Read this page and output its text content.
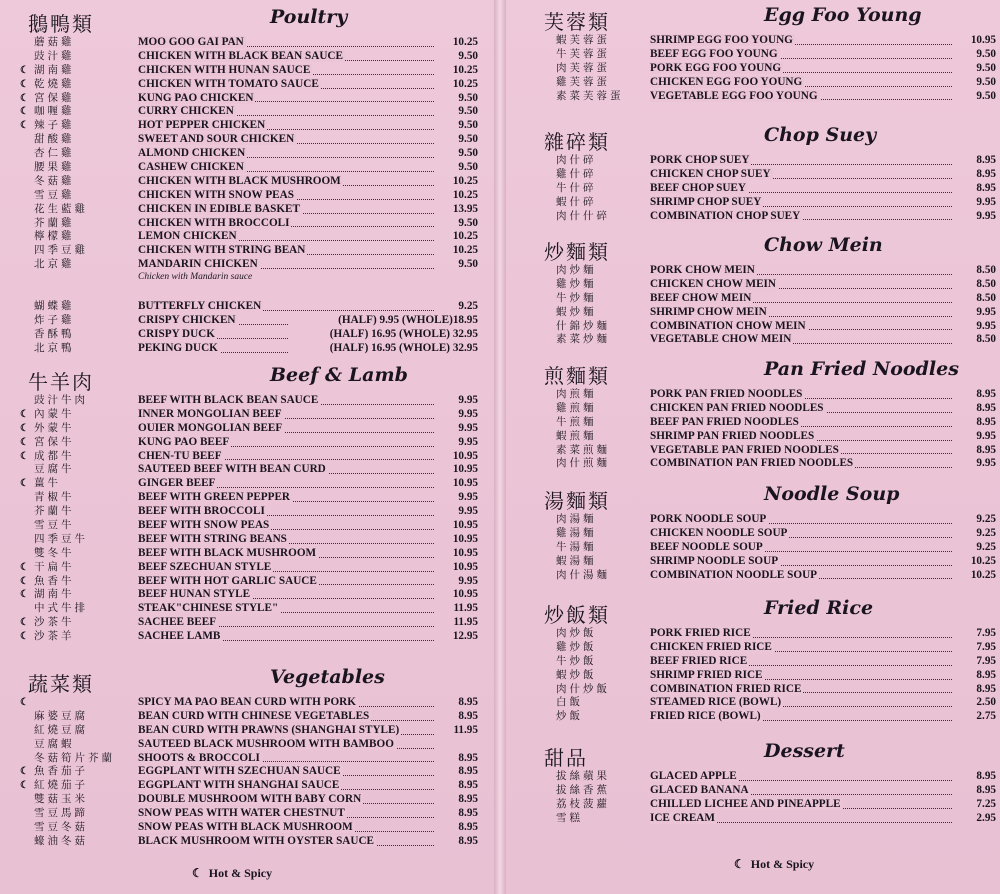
☾ Hot & Spicy
☾ Hot & Spicy
鵝鴨類	Poultry
蘑菇雞	MOO GOO GAI PAN	10.25
豉汁雞	CHICKEN WITH BLACK BEAN SAUCE	9.50
☾ 湖南雞	CHICKEN WITH HUNAN SAUCE	10.25
☾ 乾燒雞	CHICKEN WITH TOMATO SAUCE	10.25
☾ 宮保雞	KUNG PAO CHICKEN	9.50
☾ 咖喱雞	CURRY CHICKEN	9.50
☾ 辣子雞	HOT PEPPER CHICKEN	9.50
甜酸雞	SWEET AND SOUR CHICKEN	9.50
杏仁雞	ALMOND CHICKEN	9.50
腰果雞	CASHEW CHICKEN	9.50
冬菇雞	CHICKEN WITH BLACK MUSHROOM	10.25
雪豆雞	CHICKEN WITH SNOW PEAS	10.25
花生藍雞	CHICKEN IN EDIBLE BASKET	13.95
芥蘭雞	CHICKEN WITH BROCCOLI	9.50
檸檬雞	LEMON CHICKEN	10.25
四季豆雞	CHICKEN WITH STRING BEAN	10.25
北京雞	MANDARIN CHICKEN	9.50
Chicken with Mandarin sauce
蝴蝶雞	BUTTERFLY CHICKEN	9.25
炸子雞	CRISPY CHICKEN	(HALF) 9.95 (WHOLE)18.95
香酥鴨	CRISPY DUCK	(HALF) 16.95 (WHOLE) 32.95
北京鴨	PEKING DUCK	(HALF) 16.95 (WHOLE) 32.95
牛羊肉	Beef & Lamb
豉汁牛肉	BEEF WITH BLACK BEAN SAUCE	9.95
☾ 內蒙牛	INNER MONGOLIAN BEEF	9.95
☾ 外蒙牛	OUIER MONGOLIAN BEEF	9.95
☾ 宮保牛	KUNG PAO BEEF	9.95
☾ 成都牛	CHEN-TU BEEF	10.95
豆腐牛	SAUTEED BEEF WITH BEAN CURD	10.95
☾ 薑牛	GINGER BEEF	10.95
青椒牛	BEEF WITH GREEN PEPPER	9.95
芥蘭牛	BEEF WITH BROCCOLI	9.95
雪豆牛	BEEF WITH SNOW PEAS	10.95
四季豆牛	BEEF WITH STRING BEANS	10.95
雙冬牛	BEEF WITH BLACK MUSHROOM	10.95
☾ 干扁牛	BEEF SZECHUAN STYLE	10.95
☾ 魚香牛	BEEF WITH HOT GARLIC SAUCE	9.95
☾ 湖南牛	BEEF HUNAN STYLE	10.95
中式牛排	STEAK"CHINESE STYLE"	11.95
☾ 沙茶牛	SACHEE BEEF	11.95
☾ 沙茶羊	SACHEE LAMB	12.95
蔬菜類	Vegetables
☾	SPICY MA PAO BEAN CURD WITH PORK	8.95
麻婆豆腐	BEAN CURD WITH CHINESE VEGETABLES	8.95
紅燒豆腐	BEAN CURD WITH PRAWNS (SHANGHAI STYLE)	11.95
豆腐蝦	SAUTEED BLACK MUSHROOM WITH BAMBOO
冬菇筍片芥蘭 SHOOTS & BROCCOLI	8.95
☾ 魚香茄子	EGGPLANT WITH SZECHUAN SAUCE	8.95
☾ 紅燒茄子	EGGPLANT WITH SHANGHAI SAUCE	8.95
雙菇玉米	DOUBLE MUSHROOM WITH BABY CORN	8.95
雪豆馬蹄	SNOW PEAS WITH WATER CHESTNUT	8.95
雪豆冬菇	SNOW PEAS WITH BLACK MUSHROOM	8.95
蠔油冬菇	BLACK MUSHROOM WITH OYSTER SAUCE	8.95
芙蓉類	Egg Foo Young
蝦芙蓉蛋	SHRIMP EGG FOO YOUNG	10.95
牛芙蓉蛋	BEEF EGG FOO YOUNG	9.50
肉芙蓉蛋	PORK EGG FOO YOUNG	9.50
雞芙蓉蛋	CHICKEN EGG FOO YOUNG	9.50
素菜芙蓉蛋 VEGETABLE EGG FOO YOUNG	9.50
雜碎類	Chop Suey
肉什碎	PORK CHOP SUEY	8.95
雞什碎	CHICKEN CHOP SUEY	8.95
牛什碎	BEEF CHOP SUEY	8.95
蝦什碎	SHRIMP CHOP SUEY	9.95
肉什什碎	COMBINATION CHOP SUEY	9.95
炒麵類	Chow Mein
肉炒麵	PORK CHOW MEIN	8.50
雞炒麵	CHICKEN CHOW MEIN	8.50
牛炒麵	BEEF CHOW MEIN	8.50
蝦炒麵	SHRIMP CHOW MEIN	9.95
什錦炒麵	COMBINATION CHOW MEIN	9.95
素菜炒麵	VEGETABLE CHOW MEIN	8.50
煎麵類	Pan Fried Noodles
肉煎麵	PORK PAN FRIED NOODLES	8.95
雞煎麵	CHICKEN PAN FRIED NOODLES	8.95
牛煎麵	BEEF PAN FRIED NOODLES	8.95
蝦煎麵	SHRIMP PAN FRIED NOODLES	9.95
素菜煎麵	VEGETABLE PAN FRIED NOODLES	8.95
肉什煎麵	COMBINATION PAN FRIED NOODLES	9.95
湯麵類	Noodle Soup
肉湯麵	PORK NOODLE SOUP	9.25
雞湯麵	CHICKEN NOODLE SOUP	9.25
牛湯麵	BEEF NOODLE SOUP	9.25
蝦湯麵	SHRIMP NOODLE SOUP	10.25
肉什湯麵	COMBINATION NOODLE SOUP	10.25
炒飯類	Fried Rice
肉炒飯	PORK FRIED RICE	7.95
雞炒飯	CHICKEN FRIED RICE	7.95
牛炒飯	BEEF FRIED RICE	7.95
蝦炒飯	SHRIMP FRIED RICE	8.95
肉什炒飯	COMBINATION FRIED RICE	8.95
白飯	STEAMED RICE (BOWL)	2.50
炒飯	FRIED RICE (BOWL)	2.75
甜品	Dessert
拔絲蘋果	GLACED APPLE	8.95
拔絲香蕉	GLACED BANANA	8.95
荔枝菠蘿	CHILLED LICHEE AND PINEAPPLE	7.25
雪糕	ICE CREAM	2.95
